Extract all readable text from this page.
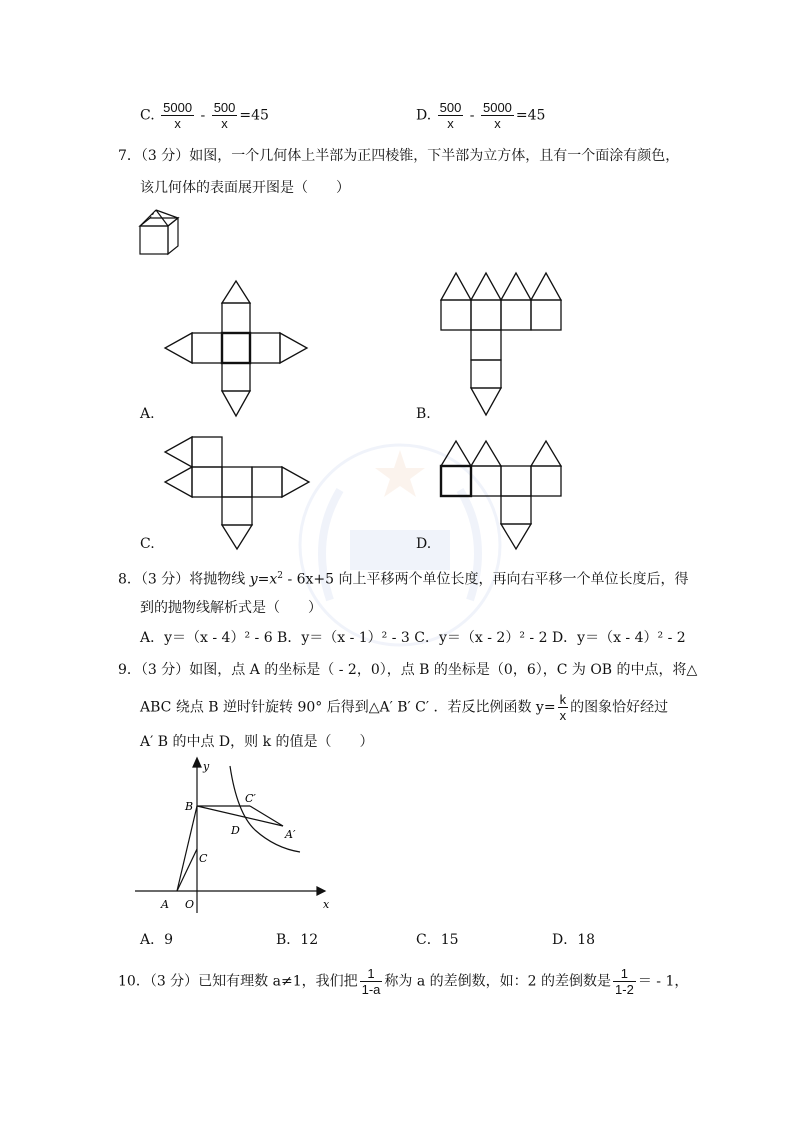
C. $\frac{5000}{x} - \frac{500}{x} =45$	D. $\frac{500}{x} - \frac{5000}{x} =45$
7．（3 分）如图，一个几何体上半部为正四棱锥，下半部为立方体，且有一个面涂有颜色，
该几何体的表面展开图是（　　）
A.	B.
C.	D.
8．（3 分）将抛物线 $y=x^2 - 6x+5$ 向上平移两个单位长度，再向右平移一个单位长度后，得
到的抛物线解析式是（　　）
A．y＝（x - 4）² - 6 B．y＝（x - 1）² - 3 C．y＝（x - 2）² - 2 D．y＝（x - 4）² - 2
9．（3 分）如图，点 A 的坐标是（ - 2，0），点 B 的坐标是（0，6），C 为 OB 的中点，将△
ABC 绕点 B 逆时针旋转 90° 后得到△A′ B′ C′ ．若反比例函数 $y= \frac{k}{x}$ 的图象恰好经过
A′ B 的中点 D，则 k 的值是（　　）
y
x
B
C
A O
D
C′
A′
A．9	B．12	C．15	D．18
10．（3 分）已知有理数 a≠1，我们把 $\frac{1}{1-a}$ 称为 a 的差倒数，如：2 的差倒数是 $\frac{1}{1-2}$ ＝ - 1，
